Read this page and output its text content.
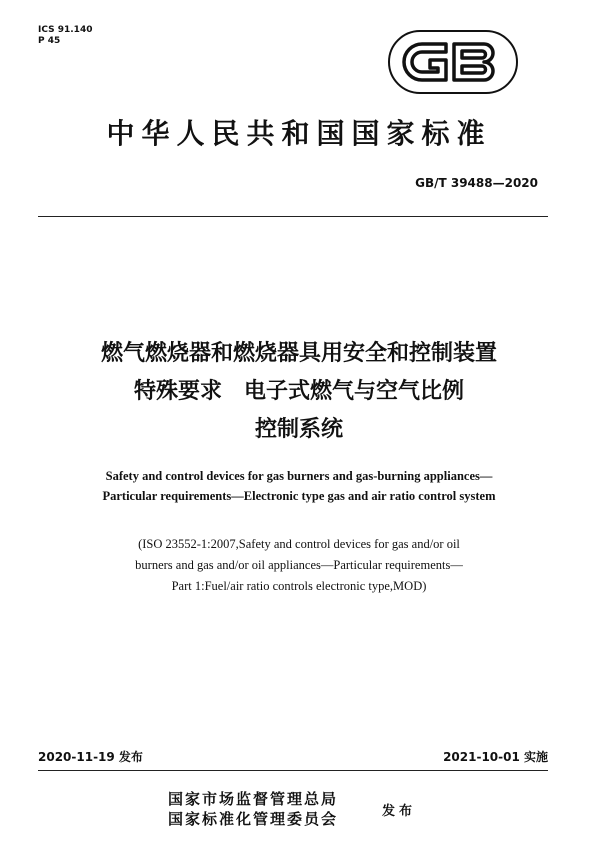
ICS 91.140
P 45
中华人民共和国国家标准
GB/T 39488—2020
燃气燃烧器和燃烧器具用安全和控制装置
特殊要求　电子式燃气与空气比例
控制系统
Safety and control devices for gas burners and gas-burning appliances—
Particular requirements—Electronic type gas and air ratio control system
(ISO 23552-1:2007,Safety and control devices for gas and/or oil
burners and gas and/or oil appliances—Particular requirements—
Part 1:Fuel/air ratio controls electronic type,MOD)
2020-11-19 发布	2021-10-01 实施
国家市场监督管理总局
国家标准化管理委员会
发布
